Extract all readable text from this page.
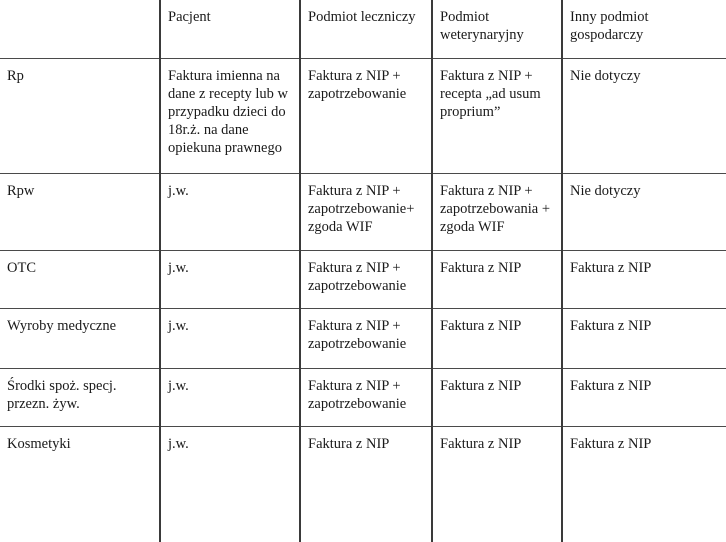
	Pacjent	Podmiot leczniczy	Podmiot weterynaryjny	Inny podmiot gospodarczy

Rp	Faktura imienna na dane z recepty lub w przypadku dzieci do 18r.ż. na dane opiekuna prawnego	Faktura z NIP + zapotrzebowanie	Faktura z NIP + recepta „ad usum proprium”	Nie dotyczy

Rpw	j.w.	Faktura z NIP + zapotrzebowanie+ zgoda WIF	Faktura z NIP + zapotrzebowania + zgoda WIF	Nie dotyczy

OTC	j.w.	Faktura z NIP + zapotrzebowanie	Faktura z NIP	Faktura z NIP

Wyroby medyczne	j.w.	Faktura z NIP + zapotrzebowanie	Faktura z NIP	Faktura z NIP

Środki spoż. specj. przezn. żyw.	j.w.	Faktura z NIP + zapotrzebowanie	Faktura z NIP	Faktura z NIP

Kosmetyki	j.w.	Faktura z NIP	Faktura z NIP	Faktura z NIP
